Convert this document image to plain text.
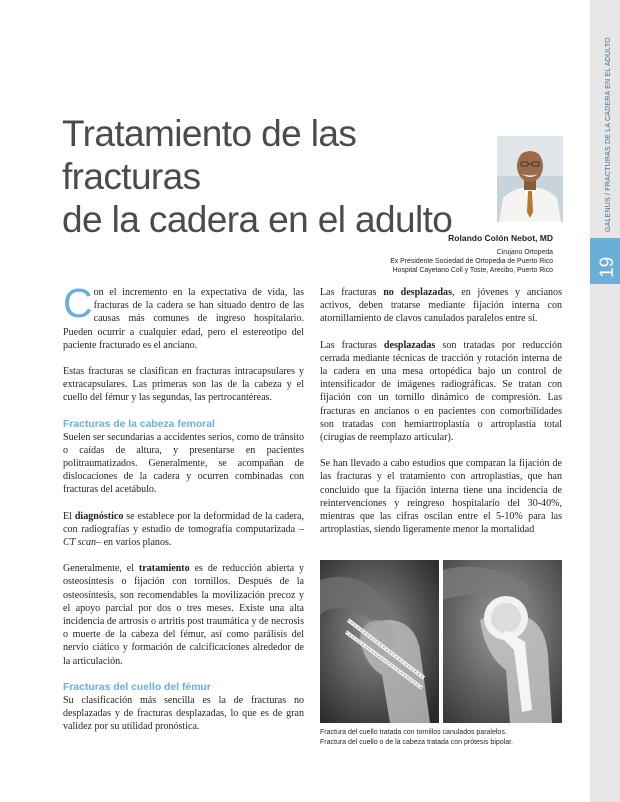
GALENUS / FRACTURAS DE LA CADERA EN EL ADULTO
19
Tratamiento de las fracturas
de la cadera en el adulto
Rolando Colón Nebot, MD
Cirujano Ortopeda
Ex Presidente Sociedad de Ortopedia de Puerto Rico
Hospital Cayetano Coll y Toste, Arecibo, Puerto Rico

Con el incremento en la expectativa de vida, las fracturas de la cadera se han situado dentro de las causas más comunes de ingreso hospitalario. Pueden ocurrir a cualquier edad, pero el estereotipo del paciente fracturado es el anciano.

Estas fracturas se clasifican en fracturas intracapsulares y extracapsulares. Las primeras son las de la cabeza y el cuello del fémur y las segundas, las pertrocantéreas.

Fracturas de la cabeza femoral

Suelen ser secundarias a accidentes serios, como de tránsito o caídas de altura, y presentarse en pacientes politraumatizados. Generalmente, se acompañan de dislocaciones de la cadera y ocurren combinadas con fracturas del acetábulo.

El diagnóstico se establece por la deformidad de la cadera, con radiografías y estudio de tomografía computarizada –CT scan– en varios planos.

Generalmente, el tratamiento es de reducción abierta y osteosíntesis o fijación con tornillos. Después de la osteosíntesis, son recomendables la movilización precoz y el apoyo parcial por dos o tres meses. Existe una alta incidencia de artrosis o artritis post traumática y de necrosis o muerte de la cabeza del fémur, así como parálisis del nervio ciático y formación de calcificaciones alrededor de la articulación.

Fracturas del cuello del fémur

Su clasificación más sencilla es la de fracturas no desplazadas y de fracturas desplazadas, lo que es de gran validez por su utilidad pronóstica.

Las fracturas no desplazadas, en jóvenes y ancianos activos, deben tratarse mediante fijación interna con atornillamiento de clavos canulados paralelos entre sí.

Las fracturas desplazadas son tratadas por reducción cerrada mediante técnicas de tracción y rotación interna de la cadera en una mesa ortopédica bajo un control de intensificador de imágenes radiográficas. Se tratan con fijación con un tornillo dinámico de compresión. Las fracturas en ancianos o en pacientes con comorbilidades son tratadas con hemiartroplastía o artroplastía total (cirugías de reemplazo articular).

Se han llevado a cabo estudios que comparan la fijación de las fracturas y el tratamiento con artroplastias, que han concluido que la fijación interna tiene una incidencia de reintervenciones y reingreso hospitalario del 30-40%, mientras que las cifras oscilan entre el 5-10% para las artroplastias, siendo ligeramente menor la mortalidad

Fractura del cuello tratada con tornillos canulados paralelos.
Fractura del cuello o de la cabeza tratada con prótesis bipolar.
